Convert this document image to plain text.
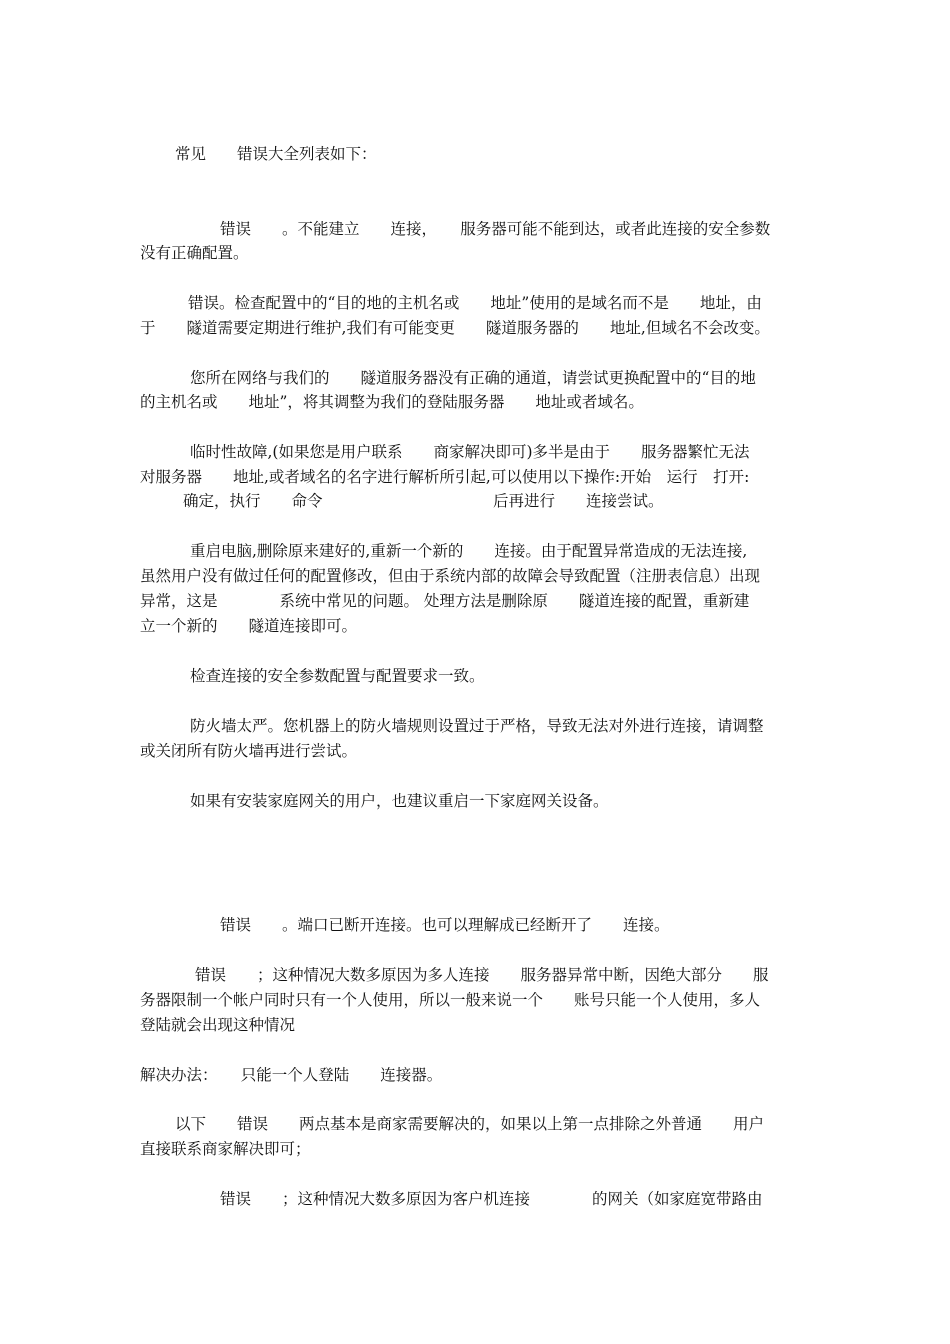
常见　　错误大全列表如下：
错误　　。不能建立　　连接，　　服务器可能不能到达，或者此连接的安全参数
没有正确配置。
错误。检查配置中的“目的地的主机名或　　地址”使用的是域名而不是　　地址，由
于　　隧道需要定期进行维护,我们有可能变更　　隧道服务器的　　地址,但域名不会改变。
您所在网络与我们的　　隧道服务器没有正确的通道，请尝试更换配置中的“目的地
的主机名或　　地址”，将其调整为我们的登陆服务器　　地址或者域名。
临时性故障,(如果您是用户联系　　商家解决即可)多半是由于　　服务器繁忙无法
对服务器　　地址,或者域名的名字进行解析所引起,可以使用以下操作:开始　运行　打开:
确定，执行　　命令　　　　　　　　　　　后再进行　　连接尝试。
重启电脑,删除原来建好的,重新一个新的　　连接。由于配置异常造成的无法连接,
虽然用户没有做过任何的配置修改，但由于系统内部的故障会导致配置（注册表信息）出现
异常，这是　　　　系统中常见的问题。 处理方法是删除原　　隧道连接的配置，重新建
立一个新的　　隧道连接即可。
检查连接的安全参数配置与配置要求一致。
防火墙太严。您机器上的防火墙规则设置过于严格，导致无法对外进行连接，请调整
或关闭所有防火墙再进行尝试。
如果有安装家庭网关的用户，也建议重启一下家庭网关设备。
错误　　。端口已断开连接。也可以理解成已经断开了　　连接。
错误　　；这种情况大数多原因为多人连接　　服务器异常中断，因绝大部分　　服
务器限制一个帐户同时只有一个人使用，所以一般来说一个　　账号只能一个人使用，多人
登陆就会出现这种情况
解决办法：　　只能一个人登陆　　连接器。
以下　　错误　　两点基本是商家需要解决的，如果以上第一点排除之外普通　　用户
直接联系商家解决即可；
错误　　；这种情况大数多原因为客户机连接　　　　的网关（如家庭宽带路由
